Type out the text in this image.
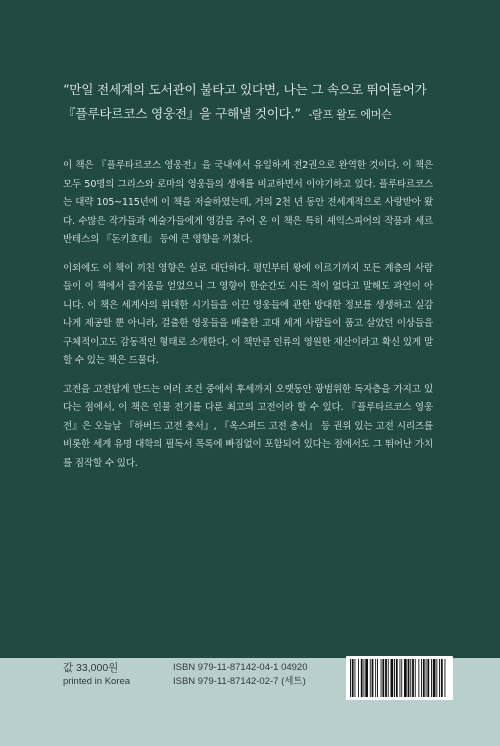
“만일 전세계의 도서관이 불타고 있다면, 나는 그 속으로 뛰어들어가
『플루타르코스 영웅전』을 구해낼 것이다.” -랄프 왈도 에머슨

이 책은 『플루타르코스 영웅전』을 국내에서 유일하게 전2권으로 완역한 것이다. 이 책은 모두 50명의 그리스와 로마의 영웅들의 생애를 비교하면서 이야기하고 있다. 플루타르코스는 대략 105~115년에 이 책을 저술하였는데, 거의 2천 년 동안 전세계적으로 사랑받아 왔다. 수많은 작가들과 예술가들에게 영감을 주어 온 이 책은 특히 셰익스피어의 작품과 세르반테스의 『돈키호테』 등에 큰 영향을 끼쳤다.

이외에도 이 책이 끼친 영향은 실로 대단하다. 평민부터 왕에 이르기까지 모든 계층의 사람들이 이 책에서 즐거움을 얻었으니 그 영향이 한순간도 시든 적이 없다고 말해도 과언이 아니다. 이 책은 세계사의 위대한 시기들을 이끈 영웅들에 관한 방대한 정보를 생생하고 실감 나게 제공할 뿐 아니라, 걸출한 영웅들을 배출한 고대 세계 사람들이 품고 살았던 이상들을 구체적이고도 감동적인 형태로 소개한다. 이 책만큼 인류의 영원한 재산이라고 확신 있게 말할 수 있는 책은 드물다.

고전을 고전답게 만드는 여러 조건 중에서 후세까지 오랫동안 광범위한 독자층을 가지고 있다는 점에서, 이 책은 인물 전기를 다룬 최고의 고전이라 할 수 있다. 『플루타르코스 영웅전』은 오늘날 『하버드 고전 총서』, 『옥스퍼드 고전 총서』 등 권위 있는 고전 시리즈를 비롯한 세계 유명 대학의 필독서 목록에 빠짐없이 포함되어 있다는 점에서도 그 뛰어난 가치를 짐작할 수 있다.

값 33,000원
printed in Korea
ISBN 979-11-87142-04-1 04920
ISBN 979-11-87142-02-7 (세트)
